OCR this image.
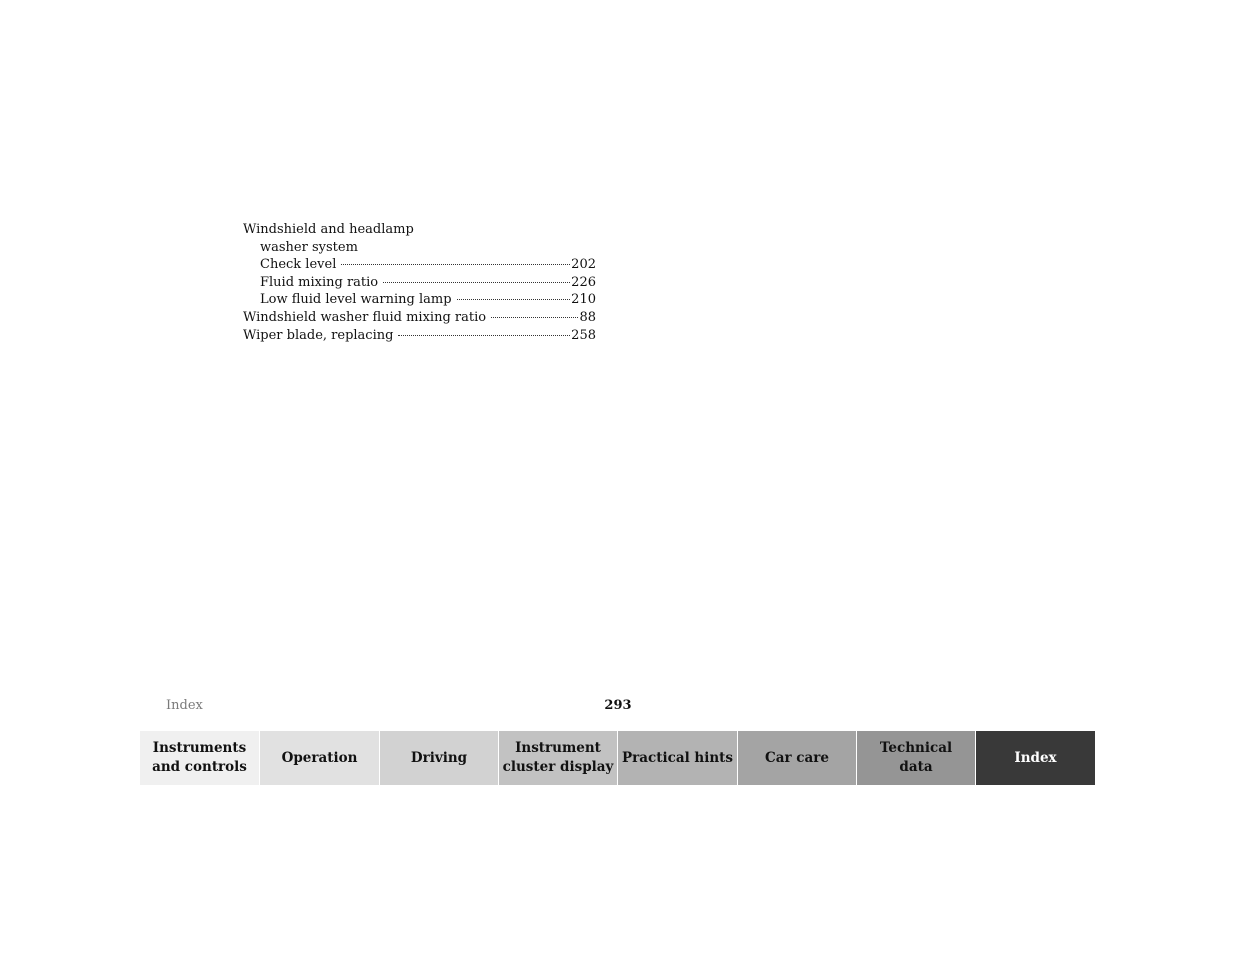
Windshield and headlamp
washer system
Check level	202
Fluid mixing ratio	226
Low fluid level warning lamp	210
Windshield washer fluid mixing ratio	88
Wiper blade, replacing	258
Index	293
Instruments
and controls
Operation	Driving
Instrument
cluster display
Practical hints	Car care
Technical
data
Index
